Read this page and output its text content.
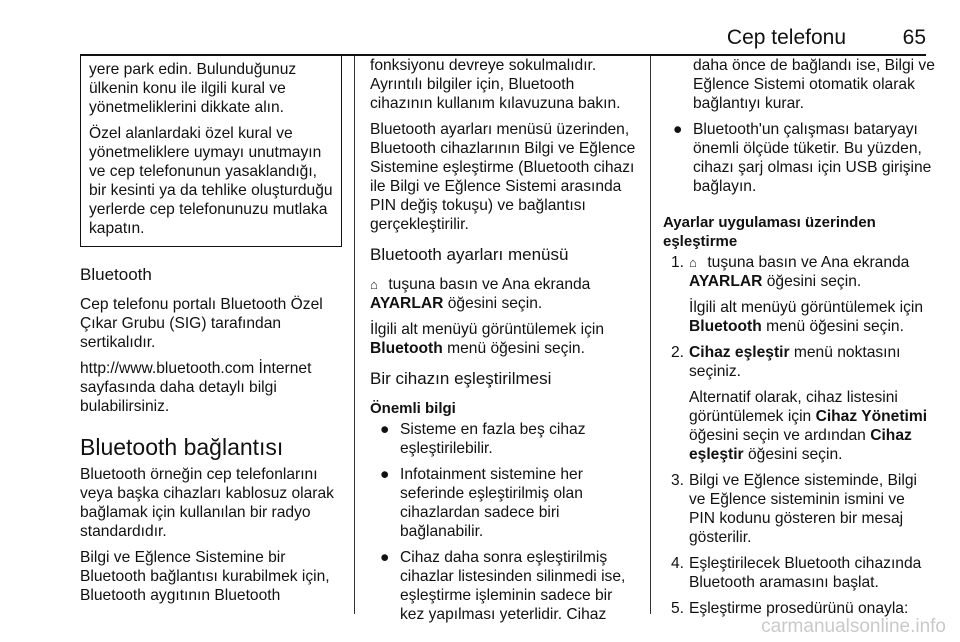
Cep telefonu	65

yere park edin. Bulunduğunuz ülkenin konu ile ilgili kural ve yönetmeliklerini dikkate alın.

Özel alanlardaki özel kural ve yönetmeliklere uymayı unutmayın ve cep telefonunun yasaklandığı, bir kesinti ya da tehlike oluşturduğu yerlerde cep telefonunuzu mutlaka kapatın.

Bluetooth

Cep telefonu portalı Bluetooth Özel Çıkar Grubu (SIG) tarafından sertikalıdır.

http://www.bluetooth.com İnternet sayfasında daha detaylı bilgi bulabilirsiniz.

Bluetooth bağlantısı

Bluetooth örneğin cep telefonlarını veya başka cihazları kablosuz olarak bağlamak için kullanılan bir radyo standardıdır.

Bilgi ve Eğlence Sistemine bir Bluetooth bağlantısı kurabilmek için, Bluetooth aygıtının Bluetooth

fonksiyonu devreye sokulmalıdır. Ayrıntılı bilgiler için, Bluetooth cihazının kullanım kılavuzuna bakın.

Bluetooth ayarları menüsü üzerinden, Bluetooth cihazlarının Bilgi ve Eğlence Sistemine eşleştirme (Bluetooth cihazı ile Bilgi ve Eğlence Sistemi arasında PIN değiş tokuşu) ve bağlantısı gerçekleştirilir.

Bluetooth ayarları menüsü

⌂ tuşuna basın ve Ana ekranda AYARLAR öğesini seçin.

İlgili alt menüyü görüntülemek için Bluetooth menü öğesini seçin.

Bir cihazın eşleştirilmesi
Önemli bilgi
● Sisteme en fazla beş cihaz eşleştirilebilir.
● Infotainment sistemine her seferinde eşleştirilmiş olan cihazlardan sadece biri bağlanabilir.
● Cihaz daha sonra eşleştirilmiş cihazlar listesinden silinmedi ise, eşleştirme işleminin sadece bir kez yapılması yeterlidir. Cihaz
daha önce de bağlandı ise, Bilgi ve Eğlence Sistemi otomatik olarak bağlantıyı kurar.
● Bluetooth'un çalışması bataryayı önemli ölçüde tüketir. Bu yüzden, cihazı şarj olması için USB girişine bağlayın.
Ayarlar uygulaması üzerinden eşleştirme
1. ⌂ tuşuna basın ve Ana ekranda AYARLAR öğesini seçin.
İlgili alt menüyü görüntülemek için Bluetooth menü öğesini seçin.
2. Cihaz eşleştir menü noktasını seçiniz.
Alternatif olarak, cihaz listesini görüntülemek için Cihaz Yönetimi öğesini seçin ve ardından Cihaz eşleştir öğesini seçin.
3. Bilgi ve Eğlence sisteminde, Bilgi ve Eğlence sisteminin ismini ve PIN kodunu gösteren bir mesaj gösterilir.
4. Eşleştirilecek Bluetooth cihazında Bluetooth aramasını başlat.
5. Eşleştirme prosedürünü onayla:
carmanualsonline.info
